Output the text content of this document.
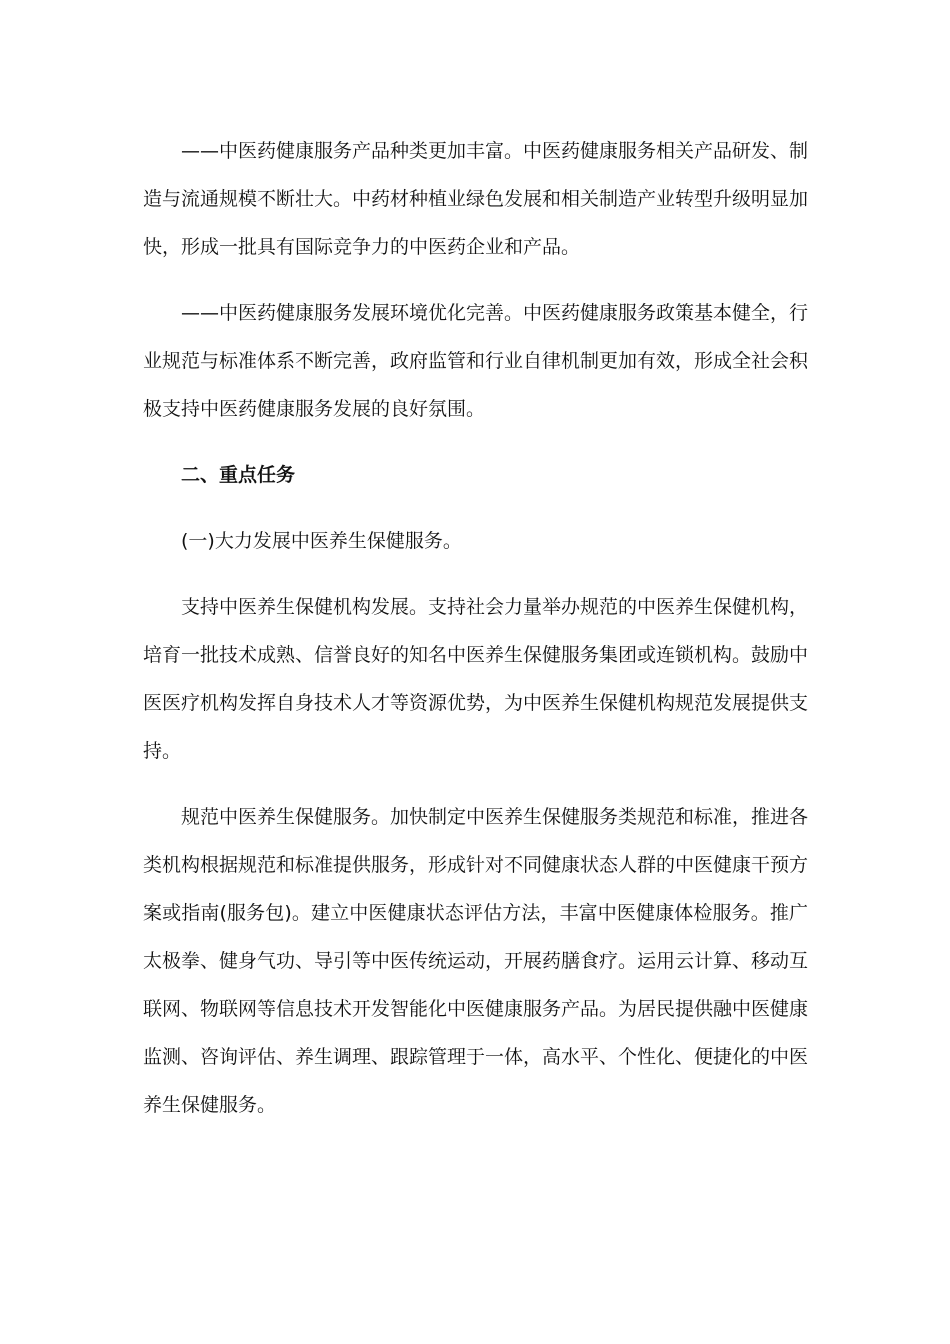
——中医药健康服务产品种类更加丰富。中医药健康服务相关产品研发、制造与流通规模不断壮大。中药材种植业绿色发展和相关制造产业转型升级明显加快，形成一批具有国际竞争力的中医药企业和产品。

——中医药健康服务发展环境优化完善。中医药健康服务政策基本健全，行业规范与标准体系不断完善，政府监管和行业自律机制更加有效，形成全社会积极支持中医药健康服务发展的良好氛围。

二、重点任务

(一)大力发展中医养生保健服务。

支持中医养生保健机构发展。支持社会力量举办规范的中医养生保健机构，培育一批技术成熟、信誉良好的知名中医养生保健服务集团或连锁机构。鼓励中医医疗机构发挥自身技术人才等资源优势，为中医养生保健机构规范发展提供支持。

规范中医养生保健服务。加快制定中医养生保健服务类规范和标准，推进各类机构根据规范和标准提供服务，形成针对不同健康状态人群的中医健康干预方案或指南(服务包)。建立中医健康状态评估方法，丰富中医健康体检服务。推广太极拳、健身气功、导引等中医传统运动，开展药膳食疗。运用云计算、移动互联网、物联网等信息技术开发智能化中医健康服务产品。为居民提供融中医健康监测、咨询评估、养生调理、跟踪管理于一体，高水平、个性化、便捷化的中医养生保健服务。
